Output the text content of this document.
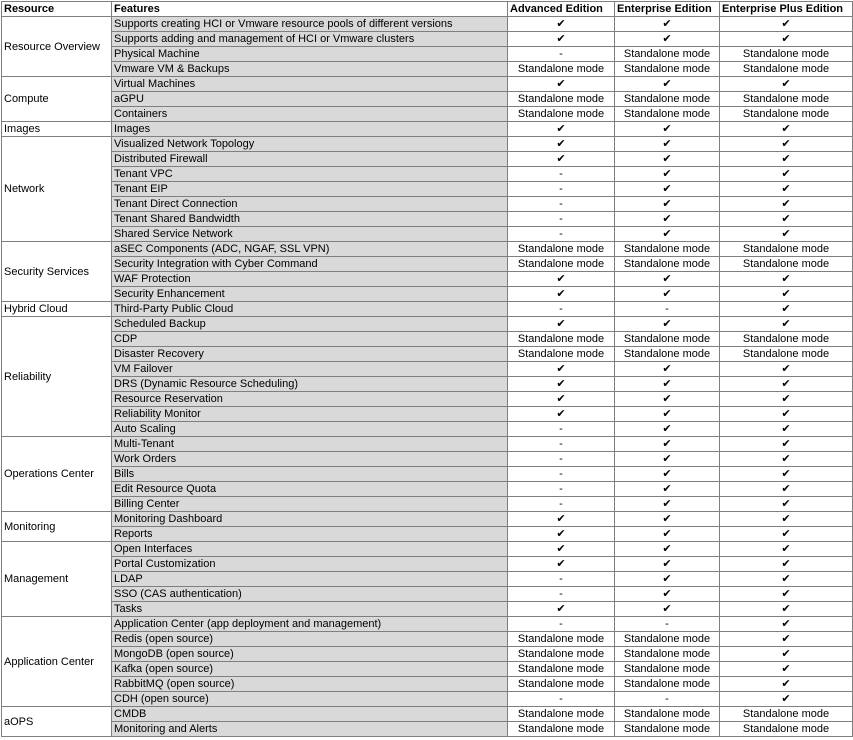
Resource	Features	Advanced Edition	Enterprise Edition	Enterprise Plus Edition
Resource Overview	Supports creating HCI or Vmware resource pools of different versions	✔	✔	✔
	Supports adding and management of HCI or Vmware clusters	✔	✔	✔
	Physical Machine	-	Standalone mode	Standalone mode
	Vmware VM & Backups	Standalone mode	Standalone mode	Standalone mode
Compute	Virtual Machines	✔	✔	✔
	aGPU	Standalone mode	Standalone mode	Standalone mode
	Containers	Standalone mode	Standalone mode	Standalone mode
Images	Images	✔	✔	✔
Network	Visualized Network Topology	✔	✔	✔
	Distributed Firewall	✔	✔	✔
	Tenant VPC	-	✔	✔
	Tenant EIP	-	✔	✔
	Tenant Direct Connection	-	✔	✔
	Tenant Shared Bandwidth	-	✔	✔
	Shared Service Network	-	✔	✔
Security Services	aSEC Components (ADC, NGAF, SSL VPN)	Standalone mode	Standalone mode	Standalone mode
	Security Integration with Cyber Command	Standalone mode	Standalone mode	Standalone mode
	WAF Protection	✔	✔	✔
	Security Enhancement	✔	✔	✔
Hybrid Cloud	Third-Party Public Cloud	-	-	✔
Reliability	Scheduled Backup	✔	✔	✔
	CDP	Standalone mode	Standalone mode	Standalone mode
	Disaster Recovery	Standalone mode	Standalone mode	Standalone mode
	VM Failover	✔	✔	✔
	DRS (Dynamic Resource Scheduling)	✔	✔	✔
	Resource Reservation	✔	✔	✔
	Reliability Monitor	✔	✔	✔
	Auto Scaling	-	✔	✔
Operations Center	Multi-Tenant	-	✔	✔
	Work Orders	-	✔	✔
	Bills	-	✔	✔
	Edit Resource Quota	-	✔	✔
	Billing Center	-	✔	✔
Monitoring	Monitoring Dashboard	✔	✔	✔
	Reports	✔	✔	✔
Management	Open Interfaces	✔	✔	✔
	Portal Customization	✔	✔	✔
	LDAP	-	✔	✔
	SSO (CAS authentication)	-	✔	✔
	Tasks	✔	✔	✔
Application Center	Application Center (app deployment and management)	-	-	✔
	Redis (open source)	Standalone mode	Standalone mode	✔
	MongoDB (open source)	Standalone mode	Standalone mode	✔
	Kafka (open source)	Standalone mode	Standalone mode	✔
	RabbitMQ (open source)	Standalone mode	Standalone mode	✔
	CDH (open source)	-	-	✔
aOPS	CMDB	Standalone mode	Standalone mode	Standalone mode
	Monitoring and Alerts	Standalone mode	Standalone mode	Standalone mode
